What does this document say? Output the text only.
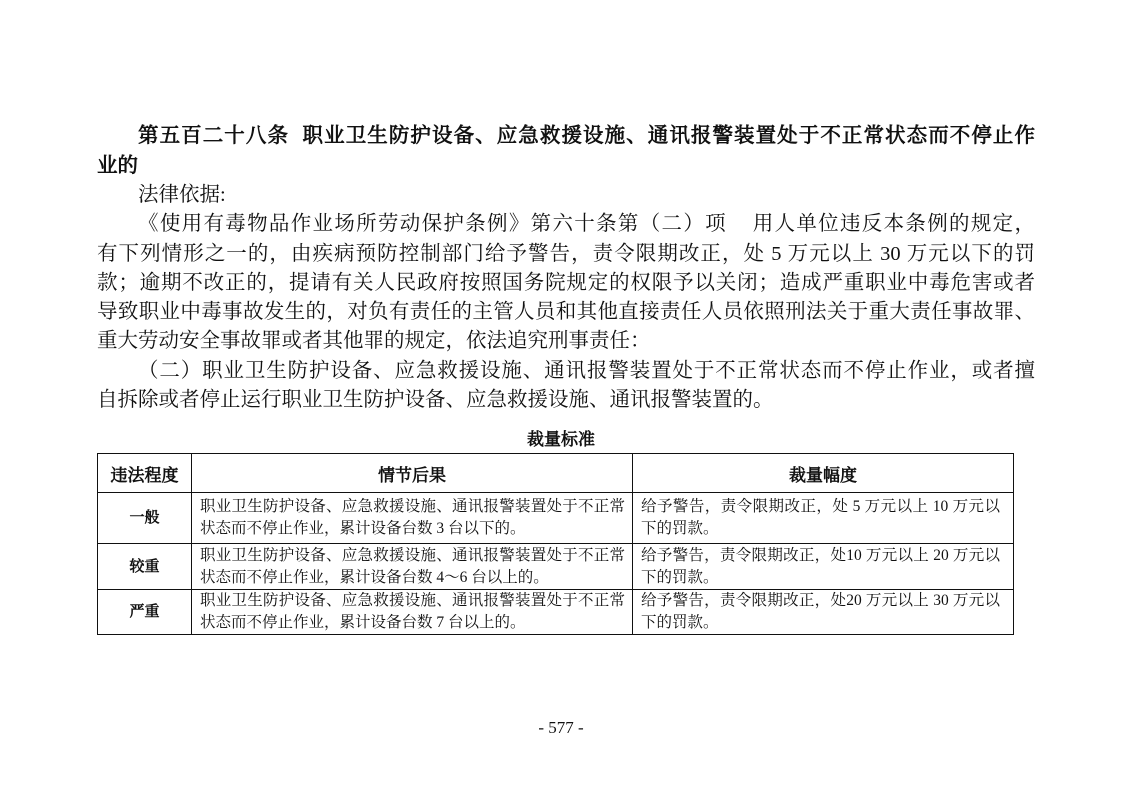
第五百二十八条  职业卫生防护设备、应急救援设施、通讯报警装置处于不正常状态而不停止作
业的
法律依据:
《使用有毒物品作业场所劳动保护条例》第六十条第（二）项    用人单位违反本条例的规定，
有下列情形之一的，由疾病预防控制部门给予警告，责令限期改正，处 5 万元以上 30 万元以下的罚
款；逾期不改正的，提请有关人民政府按照国务院规定的权限予以关闭；造成严重职业中毒危害或者
导致职业中毒事故发生的，对负有责任的主管人员和其他直接责任人员依照刑法关于重大责任事故罪、
重大劳动安全事故罪或者其他罪的规定，依法追究刑事责任：
（二）职业卫生防护设备、应急救援设施、通讯报警装置处于不正常状态而不停止作业，或者擅
自拆除或者停止运行职业卫生防护设备、应急救援设施、通讯报警装置的。
裁量标准
违法程度	情节后果	裁量幅度
一般	职业卫生防护设备、应急救援设施、通讯报警装置处于不正常状态而不停止作业，累计设备台数 3 台以下的。	给予警告，责令限期改正，处 5 万元以上 10 万元以下的罚款。
较重	职业卫生防护设备、应急救援设施、通讯报警装置处于不正常状态而不停止作业，累计设备台数 4～6 台以上的。	给予警告，责令限期改正，处10 万元以上 20 万元以下的罚款。
严重	职业卫生防护设备、应急救援设施、通讯报警装置处于不正常状态而不停止作业，累计设备台数 7 台以上的。	给予警告，责令限期改正，处20 万元以上 30 万元以下的罚款。
- 577 -
